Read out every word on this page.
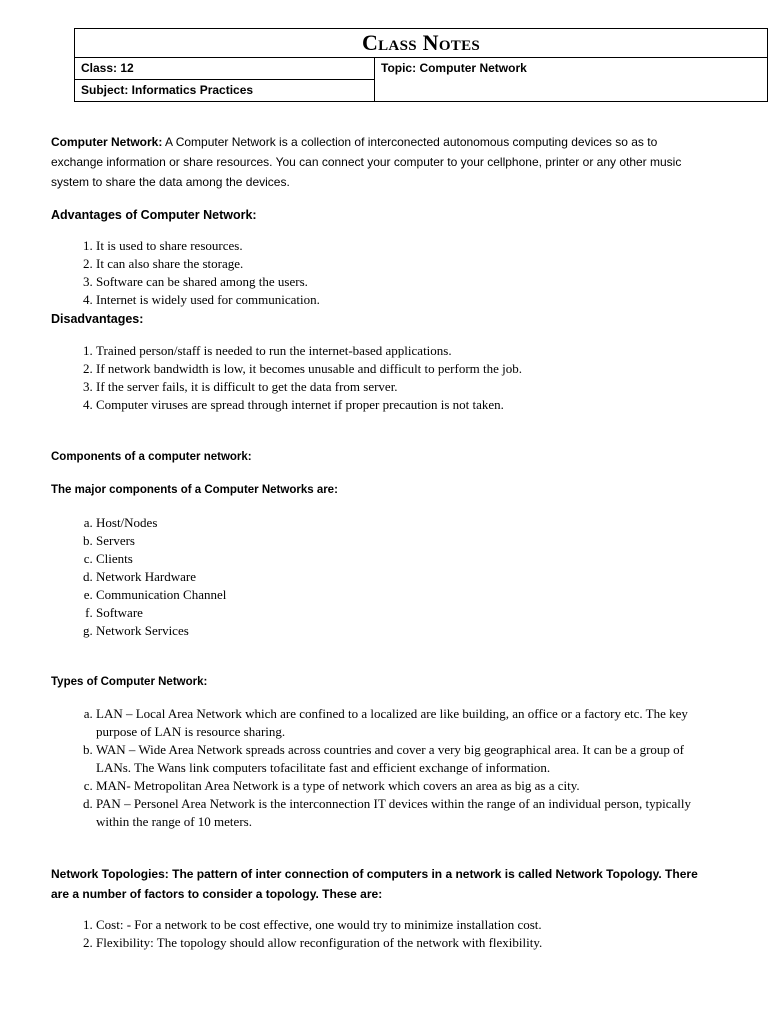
Class Notes
Class: 12	Topic: Computer Network
Subject: Informatics Practices

Computer Network: A Computer Network is a collection of interconected autonomous computing devices so as to exchange information or share resources. You can connect your computer to your cellphone, printer or any other music system to share the data among the devices.

Advantages of Computer Network:

1. It is used to share resources.
2. It can also share the storage.
3. Software can be shared among the users.
4. Internet is widely used for communication.

Disadvantages:

1. Trained person/staff is needed to run the internet-based applications.
2. If network bandwidth is low, it becomes unusable and difficult to perform the job.
3. If the server fails, it is difficult to get the data from server.
4. Computer viruses are spread through internet if proper precaution is not taken.

Components of a computer network:

The major components of a Computer Networks are:

a. Host/Nodes
b. Servers
c. Clients
d. Network Hardware
e. Communication Channel
f. Software
g. Network Services

Types of Computer Network:

a. LAN – Local Area Network which are confined to a localized are like building, an office or a factory etc. The key purpose of LAN is resource sharing.
b. WAN – Wide Area Network spreads across countries and cover a very big geographical area. It can be a group of LANs. The Wans link computers tofacilitate fast and efficient exchange of information.
c. MAN- Metropolitan Area Network is a type of network which covers an area as big as a city.
d. PAN – Personel Area Network is the interconnection IT devices within the range of an individual person, typically within the range of 10 meters.

Network Topologies: The pattern of inter connection of computers in a network is called Network Topology. There are a number of factors to consider a topology. These are:

1. Cost: - For a network to be cost effective, one would try to minimize installation cost.
2. Flexibility: The topology should allow reconfiguration of the network with flexibility.
